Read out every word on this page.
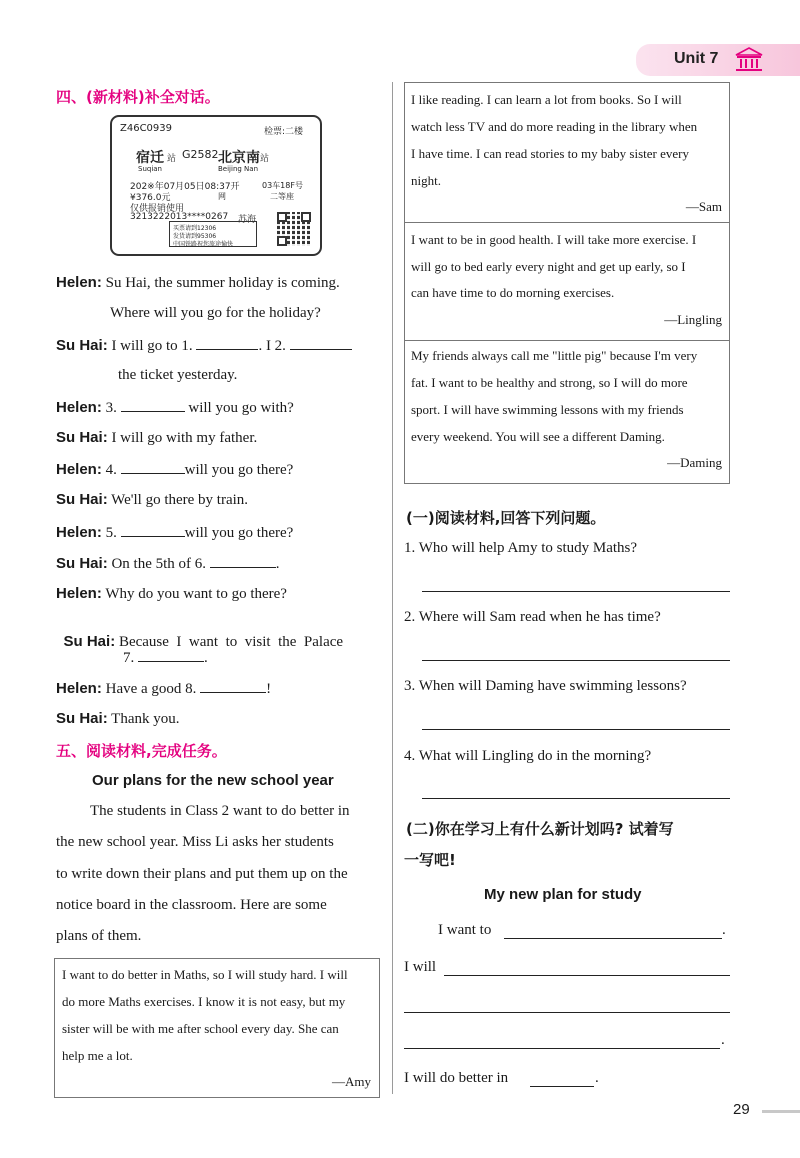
Unit 7
四、(新材料)补全对话。
Z46C0939	检票:二楼
宿迁 站 G2582 北京南 站
Suqian	Beijing Nan
202※年07月05日08:37开	03车18F号
¥376.0元	网	二等座
仅供报销使用
3213222013****0267 苏海
买票请到12306
发货请到95306
中国铁路祝您旅途愉快
Helen: Su Hai, the summer holiday is coming.
Where will you go for the holiday?
Su Hai: I will go to 1.	. I 2.
the ticket yesterday.
Helen: 3.	will you go with?
Su Hai: I will go with my father.
Helen: 4.	will you go there?
Su Hai: We'll go there by train.
Helen: 5.	will you go there?
Su Hai: On the 5th of 6.	.
Helen: Why do you want to go there?

Su Hai: Because  I  want  to  visit  the  Palace

7.	.
Helen: Have a good 8.	!
Su Hai: Thank you.
五、阅读材料,完成任务。
Our plans for the new school year
The students in Class 2 want to do better in
the new school year. Miss Li asks her students
to write down their plans and put them up on the
notice board in the classroom. Here are some
plans of them.
I want to do better in Maths, so I will study hard. I will
do more Maths exercises. I know it is not easy, but my
sister will be with me after school every day. She can
help me a lot.
—Amy
I like reading. I can learn a lot from books. So I will
watch less TV and do more reading in the library when
I have time. I can read stories to my baby sister every
night.
—Sam
I want to be in good health. I will take more exercise. I
will go to bed early every night and get up early, so I
can have time to do morning exercises.
—Lingling
My friends always call me "little pig" because I'm very
fat. I want to be healthy and strong, so I will do more
sport. I will have swimming lessons with my friends
every weekend. You will see a different Daming.
—Daming
(一)阅读材料,回答下列问题。
1. Who will help Amy to study Maths?
2. Where will Sam read when he has time?
3. When will Daming have swimming lessons?
4. What will Lingling do in the morning?
(二)你在学习上有什么新计划吗? 试着写
一写吧!
My new plan for study
I want to	.
I will
.
I will do better in	.
29
